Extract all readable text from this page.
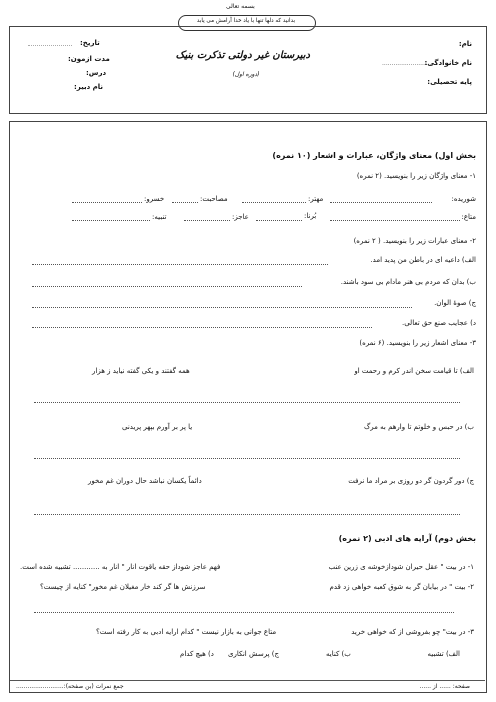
بسمه تعالی
بدانید که دلها تنها با یاد خدا آرامش می یابد
نام:
نام خانوادگی:
...........................
پایه تحصیلی:
دبیرستان غیر دولتی تذکرت بنیک
(دوره اول)
تاریخ:
مدت ازمون:
درس:
نام دبیر:
بخش اول) معنای واژگان، عبارات و اشعار (۱۰ نمره)
۱- معنای واژگان زیر را بنویسید. (۲ نمره)
شوریده:
مهتر:
مصاحبت:
خسرو:
متاع:
بُرنا:
عاجز:
تنبیه:
۲- معنای عبارات زیر را بنویسید. ( ۲ نمره)
الف) داعیه ای در باطن من پدید امد.
ب) بدان که مردم بی هنر مادام بی سود باشند.
ج) صوهٔ الوان.
د) عجایب صنع حق تعالی.
۳- معنای اشعار زیر را بنویسید. (۶ نمره)
الف) تا قیامت سخن اندر کرم و رحمت او
همه گفتند و یکی گفته نیاید ز هزار
ب) در حبس و خلوتم تا وارهم به مرگ
یا پر بر آورم بپهر پریدنی
ج) دور گردون گر دو روزی بر مراد ما نرفت
دائماً یکسان نباشد حال دوران غم مخور
بخش دوم) آرایه های ادبی (۲ نمره)
۱- در بیت " عقل حیران شودازخوشه ی زرین عنب
فهم عاجز شوداز حقه یاقوت انار " انار به ............ تشبیه شده است.
۲- بیت " در بیابان گر به شوق کعبه خواهی زد قدم
سرزنش ها گر کند خار مغیلان غم مخور" کنایه از چیست؟
۳- در بیت" چو بفروشی از که خواهی خرید
متاع جوانی به بازار نیست " کدام ارایه ادبی به کار رفته است؟
الف) تشبیه
ب) کنایه
ج) پرسش انکاری
د) هیچ کدام
صفحه: ...... از ......
جمع نمرات (بن صفحه):.........................
